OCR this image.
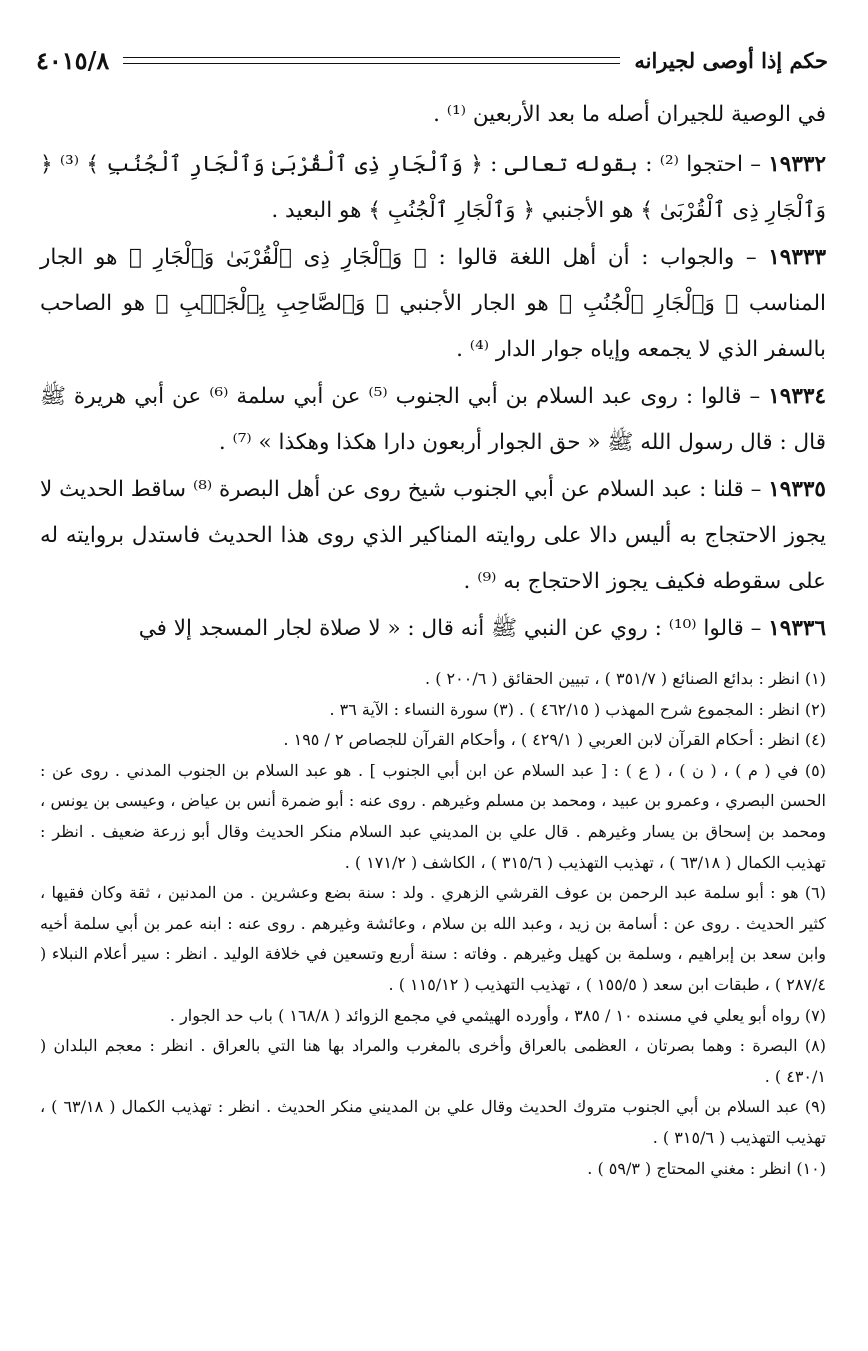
حكم إذا أوصى لجيرانه
٤٠١٥/٨

في الوصية للجيران أصله ما بعد الأربعين ⁽¹⁾ .

١٩٣٣٢ – احتجوا ⁽²⁾ : بقوله تعالى : ﴿ وَٱلْجَارِ ذِى ٱلْقُرْبَىٰ وَٱلْجَارِ ٱلْجُنُبِ ﴾ ⁽³⁾ ﴿ وَٱلْجَارِ ذِى ٱلْقُرْبَىٰ ﴾ هو الأجنبي ﴿ وَٱلْجَارِ ٱلْجُنُبِ ﴾ هو البعيد .

١٩٣٣٣ – والجواب : أن أهل اللغة قالوا : ﴿ وَٱلْجَارِ ذِى ٱلْقُرْبَىٰ وَٱلْجَارِ ﴾ هو الجار المناسب ﴿ وَٱلْجَارِ ٱلْجُنُبِ ﴾ هو الجار الأجنبي ﴿ وَٱلصَّاحِبِ بِٱلْجَنۢبِ ﴾ هو الصاحب بالسفر الذي لا يجمعه وإياه جوار الدار ⁽⁴⁾ .

١٩٣٣٤ – قالوا : روى عبد السلام بن أبي الجنوب ⁽⁵⁾ عن أبي سلمة ⁽⁶⁾ عن أبي هريرة ﷺ قال : قال رسول الله ﷺ « حق الجوار أربعون دارا هكذا وهكذا » ⁽⁷⁾ .

١٩٣٣٥ – قلنا : عبد السلام عن أبي الجنوب شيخ روى عن أهل البصرة ⁽⁸⁾ ساقط الحديث لا يجوز الاحتجاج به أليس دالا على روايته المناكير الذي روى هذا الحديث فاستدل بروايته له على سقوطه فكيف يجوز الاحتجاج به ⁽⁹⁾ .

١٩٣٣٦ – قالوا ⁽¹⁰⁾ : روي عن النبي ﷺ أنه قال : « لا صلاة لجار المسجد إلا في

(١) انظر : بدائع الصنائع ( ٣٥١/٧ ) ، تبيين الحقائق ( ٢٠٠/٦ ) .

(٢) انظر : المجموع شرح المهذب ( ٤٦٢/١٥ ) . (٣) سورة النساء : الآية ٣٦ .

(٤) انظر : أحكام القرآن لابن العربي ( ٤٢٩/١ ) ، وأحكام القرآن للجصاص ٢ / ١٩٥ .

(٥) في ( م ) ، ( ن ) ، ( ع ) : [ عبد السلام عن ابن أبي الجنوب ] . هو عبد السلام بن الجنوب المدني . روى عن : الحسن البصري ، وعمرو بن عبيد ، ومحمد بن مسلم وغيرهم . روى عنه : أبو ضمرة أنس بن عياض ، وعيسى بن يونس ، ومحمد بن إسحاق بن يسار وغيرهم . قال علي بن المديني عبد السلام منكر الحديث وقال أبو زرعة ضعيف . انظر : تهذيب الكمال ( ٦٣/١٨ ) ، تهذيب التهذيب ( ٣١٥/٦ ) ، الكاشف ( ١٧١/٢ ) .

(٦) هو : أبو سلمة عبد الرحمن بن عوف القرشي الزهري . ولد : سنة بضع وعشرين . من المدنين ، ثقة وكان فقيها ، كثير الحديث . روى عن : أسامة بن زيد ، وعبد الله بن سلام ، وعائشة وغيرهم . روى عنه : ابنه عمر بن أبي سلمة أخيه وابن سعد بن إبراهيم ، وسلمة بن كهيل وغيرهم . وفاته : سنة أربع وتسعين في خلافة الوليد . انظر : سير أعلام النبلاء ( ٢٨٧/٤ ) ، طبقات ابن سعد ( ١٥٥/٥ ) ، تهذيب التهذيب ( ١١٥/١٢ ) .

(٧) رواه أبو يعلي في مسنده ١٠ / ٣٨٥ ، وأورده الهيثمي في مجمع الزوائد ( ١٦٨/٨ ) باب حد الجوار .

(٨) البصرة : وهما بصرتان ، العظمى بالعراق وأخرى بالمغرب والمراد بها هنا التي بالعراق . انظر : معجم البلدان ( ٤٣٠/١ ) .

(٩) عبد السلام بن أبي الجنوب متروك الحديث وقال علي بن المديني منكر الحديث . انظر : تهذيب الكمال ( ٦٣/١٨ ) ، تهذيب التهذيب ( ٣١٥/٦ ) .

(١٠) انظر : مغني المحتاج ( ٥٩/٣ ) .
